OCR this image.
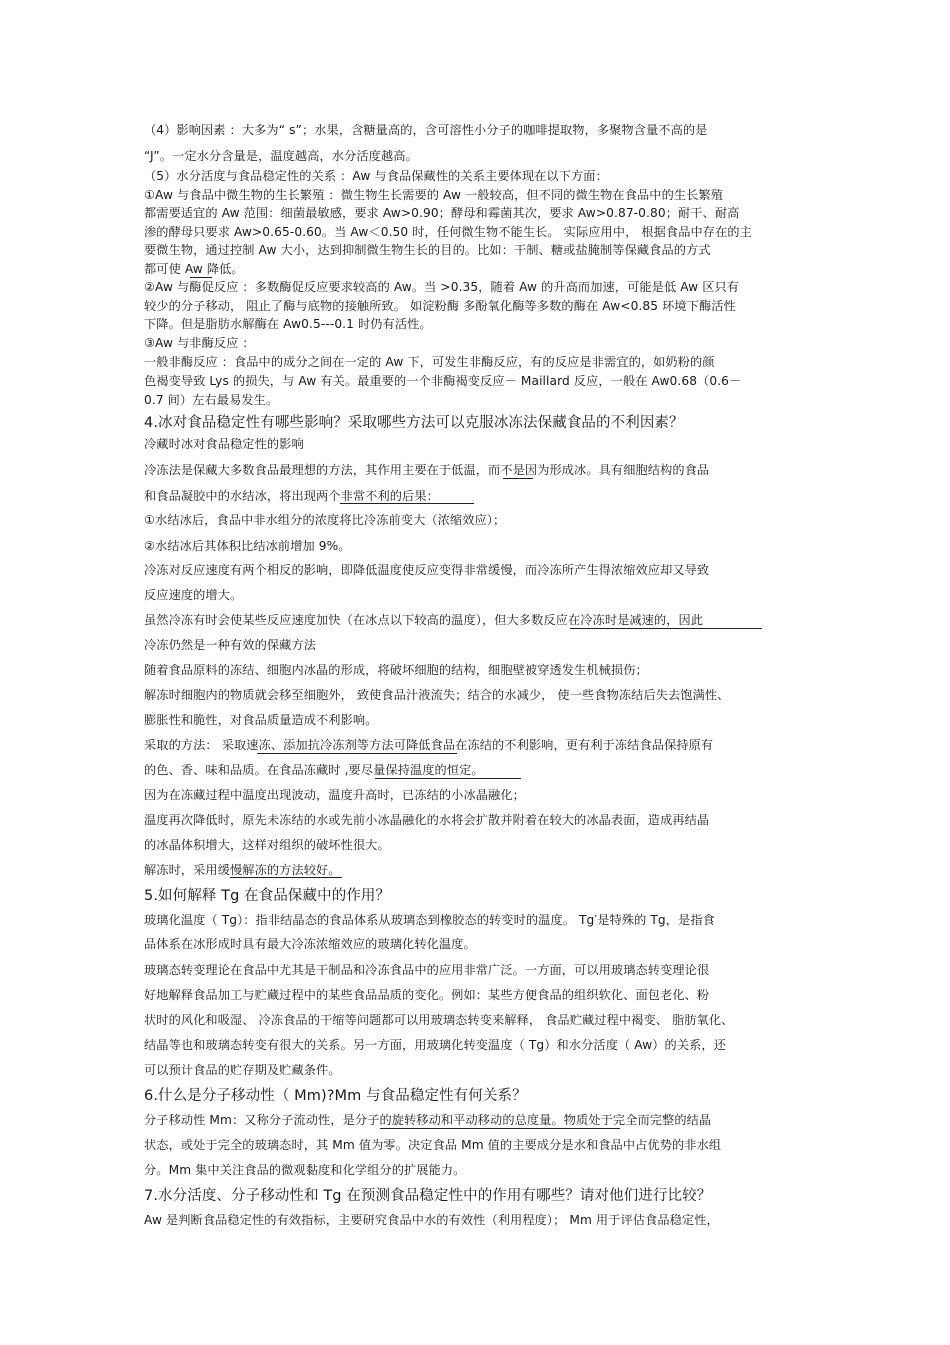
（4）影响因素 ：大多为“ s”；水果，含糖量高的，含可溶性小分子的咖啡提取物，多聚物含量不高的是
“J”。一定水分含量是，温度越高，水分活度越高。
（5）水分活度与食品稳定性的关系 ：Aw 与食品保藏性的关系主要体现在以下方面：
①Aw 与食品中微生物的生长繁殖 ：微生物生长需要的 Aw 一般较高，但不同的微生物在食品中的生长繁殖
都需要适宜的 Aw 范围：细菌最敏感，要求 Aw>0.90；酵母和霉菌其次，要求 Aw>0.87-0.80；耐干、耐高
渗的酵母只要求 Aw>0.65-0.60。当 Aw＜0.50 时，任何微生物不能生长。 实际应用中， 根据食品中存在的主
要微生物，通过控制 Aw 大小，达到抑制微生物生长的目的。比如：干制、糖或盐腌制等保藏食品的方式
都可使 Aw 降低。
②Aw 与酶促反应 ：多数酶促反应要求较高的 Aw。当 >0.35，随着 Aw 的升高而加速，可能是低 Aw 区只有
较少的分子移动， 阻止了酶与底物的接触所致。 如淀粉酶 多酚氧化酶等多数的酶在 Aw<0.85 环境下酶活性
下降。但是脂肪水解酶在 Aw0.5---0.1 时仍有活性。
③Aw 与非酶反应 ：
一般非酶反应 ：食品中的成分之间在一定的 Aw 下，可发生非酶反应，有的反应是非需宜的，如奶粉的颜
色褐变导致 Lys 的损失，与 Aw 有关。最重要的一个非酶褐变反应－ Maillard 反应，一般在 Aw0.68（0.6－
0.7 间）左右最易发生。
4.冰对食品稳定性有哪些影响？采取哪些方法可以克服冰冻法保藏食品的不利因素？
冷藏时冰对食品稳定性的影响
冷冻法是保藏大多数食品最理想的方法，其作用主要在于低温，而不是因为形成冰。具有细胞结构的食品
和食品凝胶中的水结冰，将出现两个非常不利的后果：
①水结冰后，食品中非水组分的浓度将比冷冻前变大（浓缩效应）；
②水结冰后其体积比结冰前增加 9%。
冷冻对反应速度有两个相反的影响，即降低温度使反应变得非常缓慢，而冷冻所产生得浓缩效应却又导致
反应速度的增大。
虽然冷冻有时会使某些反应速度加快（在冰点以下较高的温度），但大多数反应在冷冻时是减速的，因此
冷冻仍然是一种有效的保藏方法
随着食品原料的冻结、细胞内冰晶的形成，将破坏细胞的结构，细胞壁被穿透发生机械损伤；
解冻时细胞内的物质就会移至细胞外， 致使食品汁液流失；结合的水减少， 使一些食物冻结后失去饱满性、
膨胀性和脆性，对食品质量造成不利影响。
采取的方法： 采取速冻、添加抗冷冻剂等方法可降低食品在冻结的不利影响，更有利于冻结食品保持原有
的色、香、味和品质。在食品冻藏时 ,要尽量保持温度的恒定。
因为在冻藏过程中温度出现波动，温度升高时，已冻结的小冰晶融化；
温度再次降低时，原先未冻结的水或先前小冰晶融化的水将会扩散并附着在较大的冰晶表面，造成再结晶
的冰晶体积增大，这样对组织的破坏性很大。
解冻时，采用缓慢解冻的方法较好。
5.如何解释 Tg 在食品保藏中的作用？
玻璃化温度（ Tg）：指非结晶态的食品体系从玻璃态到橡胶态的转变时的温度。 Tg′是特殊的 Tg，是指食
品体系在冰形成时具有最大冷冻浓缩效应的玻璃化转化温度。
玻璃态转变理论在食品中尤其是干制品和冷冻食品中的应用非常广泛。一方面，可以用玻璃态转变理论很
好地解释食品加工与贮藏过程中的某些食品品质的变化。例如：某些方便食品的组织软化、面包老化、粉
状时的风化和吸湿、 冷冻食品的干缩等问题都可以用玻璃态转变来解释， 食品贮藏过程中褐变、 脂肪氧化、
结晶等也和玻璃态转变有很大的关系。另一方面，用玻璃化转变温度（ Tg）和水分活度（ Aw）的关系，还
可以预计食品的贮存期及贮藏条件。
6.什么是分子移动性（ Mm)?Mm 与食品稳定性有何关系？
分子移动性 Mm：又称分子流动性，是分子的旋转移动和平动移动的总度量。物质处于完全而完整的结晶
状态，或处于完全的玻璃态时，其 Mm 值为零。决定食品 Mm 值的主要成分是水和食品中占优势的非水组
分。Mm 集中关注食品的微观黏度和化学组分的扩展能力。
7.水分活度、分子移动性和 Tg 在预测食品稳定性中的作用有哪些？请对他们进行比较？
Aw 是判断食品稳定性的有效指标，主要研究食品中水的有效性（利用程度）； Mm 用于评估食品稳定性，
